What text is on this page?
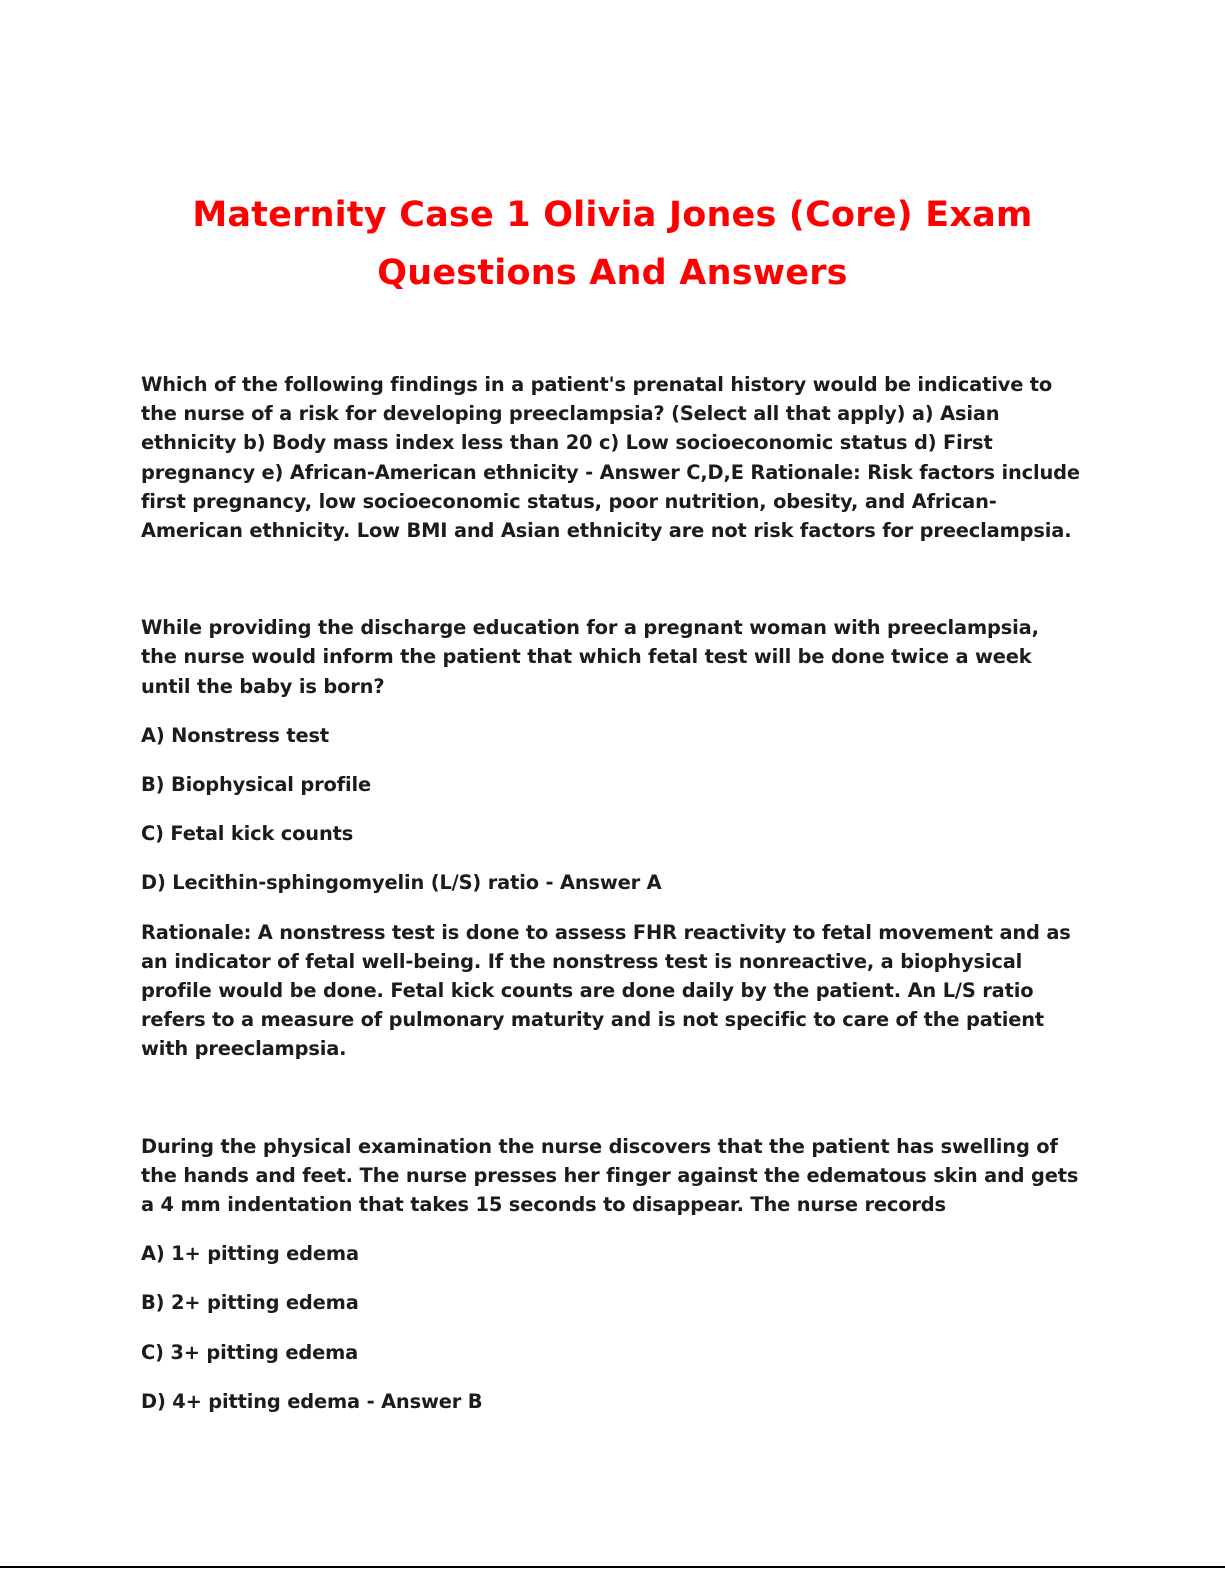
Maternity Case 1 Olivia Jones (Core) Exam
Questions And Answers

Which of the following findings in a patient's prenatal history would be indicative to the nurse of a risk for developing preeclampsia? (Select all that apply) a) Asian ethnicity b) Body mass index less than 20 c) Low socioeconomic status d) First pregnancy e) African-American ethnicity - Answer C,D,E Rationale: Risk factors include first pregnancy, low socioeconomic status, poor nutrition, obesity, and African-American ethnicity. Low BMI and Asian ethnicity are not risk factors for preeclampsia.

While providing the discharge education for a pregnant woman with preeclampsia, the nurse would inform the patient that which fetal test will be done twice a week until the baby is born?

A) Nonstress test

B) Biophysical profile

C) Fetal kick counts

D) Lecithin-sphingomyelin (L/S) ratio - Answer A

Rationale: A nonstress test is done to assess FHR reactivity to fetal movement and as an indicator of fetal well-being. If the nonstress test is nonreactive, a biophysical profile would be done. Fetal kick counts are done daily by the patient. An L/S ratio refers to a measure of pulmonary maturity and is not specific to care of the patient with preeclampsia.

During the physical examination the nurse discovers that the patient has swelling of the hands and feet. The nurse presses her finger against the edematous skin and gets a 4 mm indentation that takes 15 seconds to disappear. The nurse records

A) 1+ pitting edema

B) 2+ pitting edema

C) 3+ pitting edema

D) 4+ pitting edema - Answer B
